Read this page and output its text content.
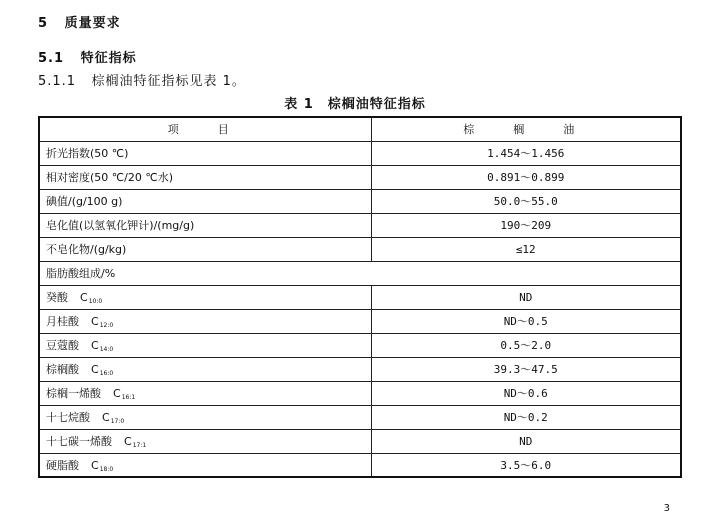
5 质量要求
5.1 特征指标
5.1.1 棕榈油特征指标见表 1。
表 1　棕榈油特征指标
项　目	棕　榈　油
折光指数(50 ℃)	1.454～1.456
相对密度(50 ℃/20 ℃水)	0.891～0.899
碘值/(g/100 g)	50.0～55.0
皂化值(以氢氧化钾计)/(mg/g)	190～209
不皂化物/(g/kg)	≤12
脂肪酸组成/%	
癸酸 $C_{10:0}$	ND
月桂酸 $C_{12:0}$	ND～0.5
豆蔻酸 $C_{14:0}$	0.5～2.0
棕榈酸 $C_{16:0}$	39.3～47.5
棕榈一烯酸 $C_{16:1}$	ND～0.6
十七烷酸 $C_{17:0}$	ND～0.2
十七碳一烯酸 $C_{17:1}$	ND
硬脂酸 $C_{18:0}$	3.5～6.0
3
